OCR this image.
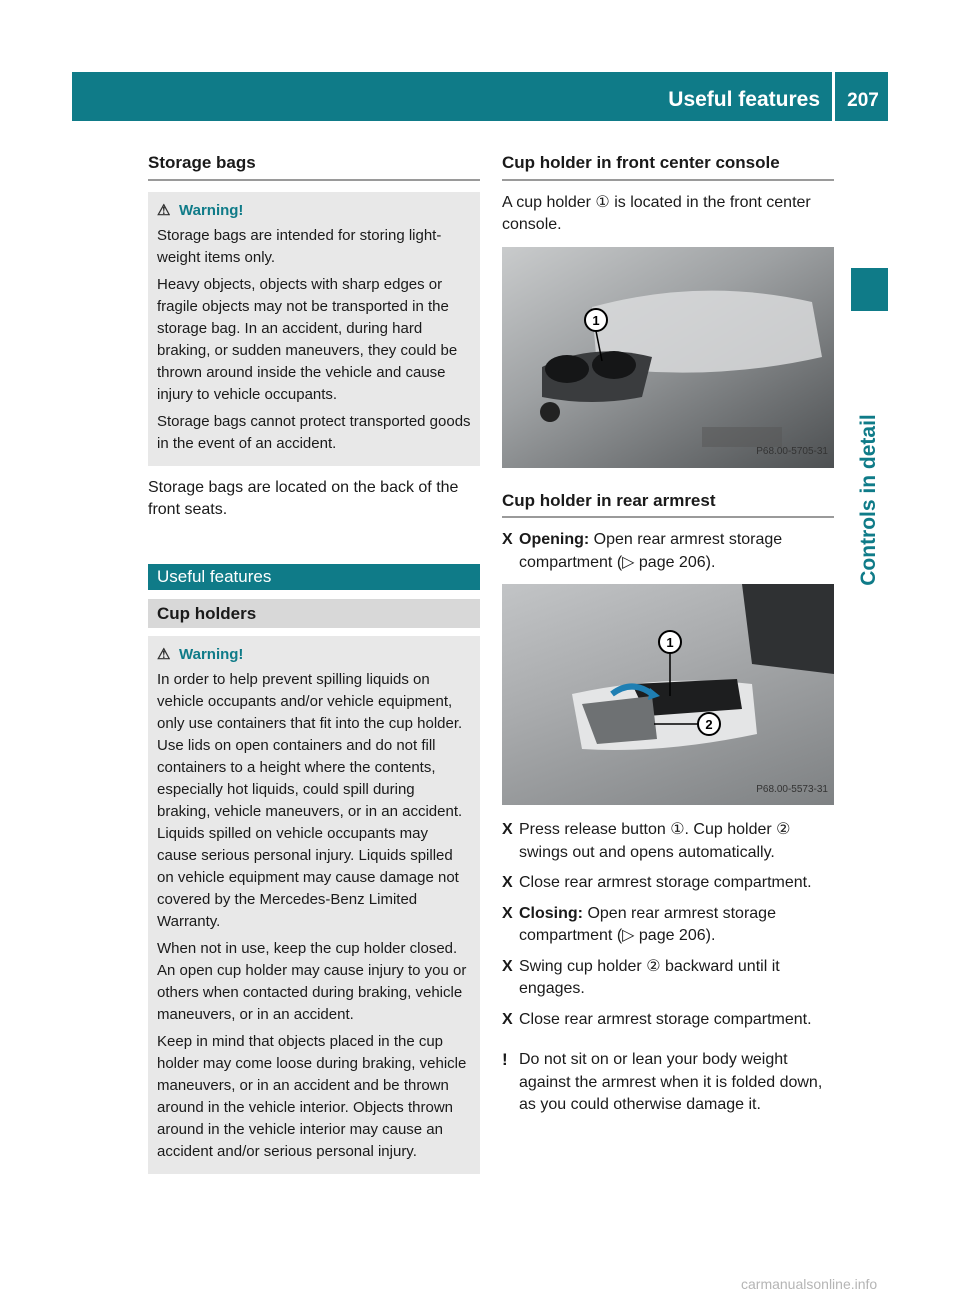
Useful features	207
Controls in detail
Storage bags
⚠ Warning!

Storage bags are intended for storing light-weight items only.

Heavy objects, objects with sharp edges or fragile objects may not be transported in the storage bag. In an accident, during hard braking, or sudden maneuvers, they could be thrown around inside the vehicle and cause injury to vehicle occupants.

Storage bags cannot protect transported goods in the event of an accident.

Storage bags are located on the back of the front seats.

Useful features
Cup holders
⚠ Warning!

In order to help prevent spilling liquids on vehicle occupants and/or vehicle equipment, only use containers that fit into the cup holder. Use lids on open containers and do not fill containers to a height where the contents, especially hot liquids, could spill during braking, vehicle maneuvers, or in an accident. Liquids spilled on vehicle occupants may cause serious personal injury. Liquids spilled on vehicle equipment may cause damage not covered by the Mercedes-Benz Limited Warranty.

When not in use, keep the cup holder closed. An open cup holder may cause injury to you or others when contacted during braking, vehicle maneuvers, or in an accident.

Keep in mind that objects placed in the cup holder may come loose during braking, vehicle maneuvers, or in an accident and be thrown around in the vehicle interior. Objects thrown around in the vehicle interior may cause an accident and/or serious personal injury.

Cup holder in front center console

A cup holder ① is located in the front center console.

1
P68.00-5705-31
Cup holder in rear armrest
X Opening: Open rear armrest storage compartment (▷ page 206).
1
2
P68.00-5573-31
X Press release button ①. Cup holder ② swings out and opens automatically.
X Close rear armrest storage compartment.
X Closing: Open rear armrest storage compartment (▷ page 206).
X Swing cup holder ② backward until it engages.
X Close rear armrest storage compartment.
! Do not sit on or lean your body weight against the armrest when it is folded down, as you could otherwise damage it.
carmanualsonline.info
